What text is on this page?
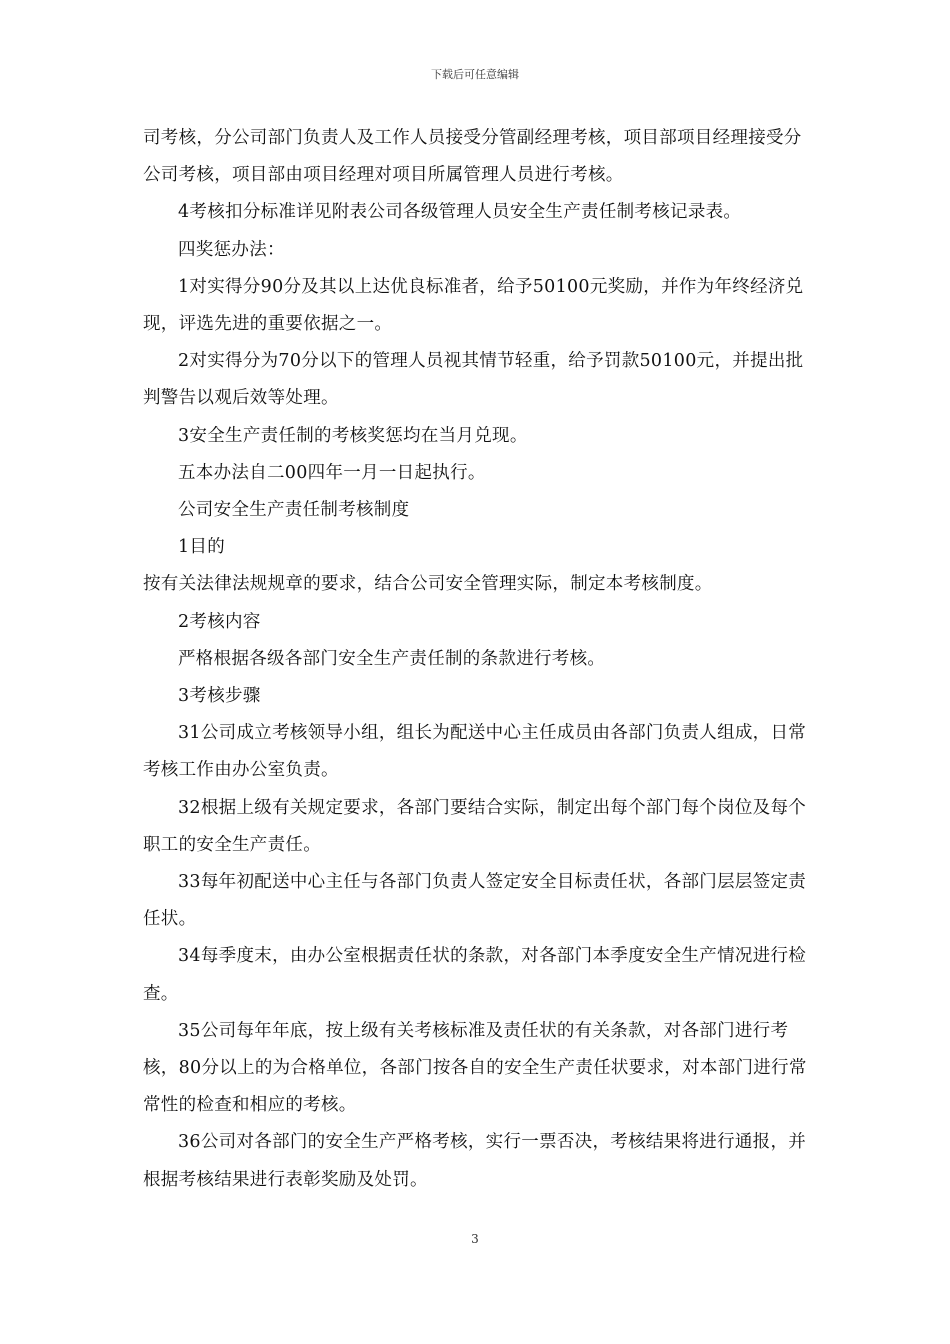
下载后可任意编辑

司考核，分公司部门负责人及工作人员接受分管副经理考核，项目部项目经理接受分公司考核，项目部由项目经理对项目所属管理人员进行考核。

4考核扣分标准详见附表公司各级管理人员安全生产责任制考核记录表。

四奖惩办法：

1对实得分90分及其以上达优良标准者，给予50100元奖励，并作为年终经济兑现，评选先进的重要依据之一。

2对实得分为70分以下的管理人员视其情节轻重，给予罚款50100元，并提出批判警告以观后效等处理。

3安全生产责任制的考核奖惩均在当月兑现。

五本办法自二00四年一月一日起执行。

公司安全生产责任制考核制度

1目的

按有关法律法规规章的要求，结合公司安全管理实际，制定本考核制度。

2考核内容

严格根据各级各部门安全生产责任制的条款进行考核。

3考核步骤

31公司成立考核领导小组，组长为配送中心主任成员由各部门负责人组成，日常考核工作由办公室负责。

32根据上级有关规定要求，各部门要结合实际，制定出每个部门每个岗位及每个职工的安全生产责任。

33每年初配送中心主任与各部门负责人签定安全目标责任状，各部门层层签定责任状。

34每季度末，由办公室根据责任状的条款，对各部门本季度安全生产情况进行检查。

35公司每年年底，按上级有关考核标准及责任状的有关条款，对各部门进行考核，80分以上的为合格单位，各部门按各自的安全生产责任状要求，对本部门进行常常性的检查和相应的考核。

36公司对各部门的安全生产严格考核，实行一票否决，考核结果将进行通报，并根据考核结果进行表彰奖励及处罚。

3
